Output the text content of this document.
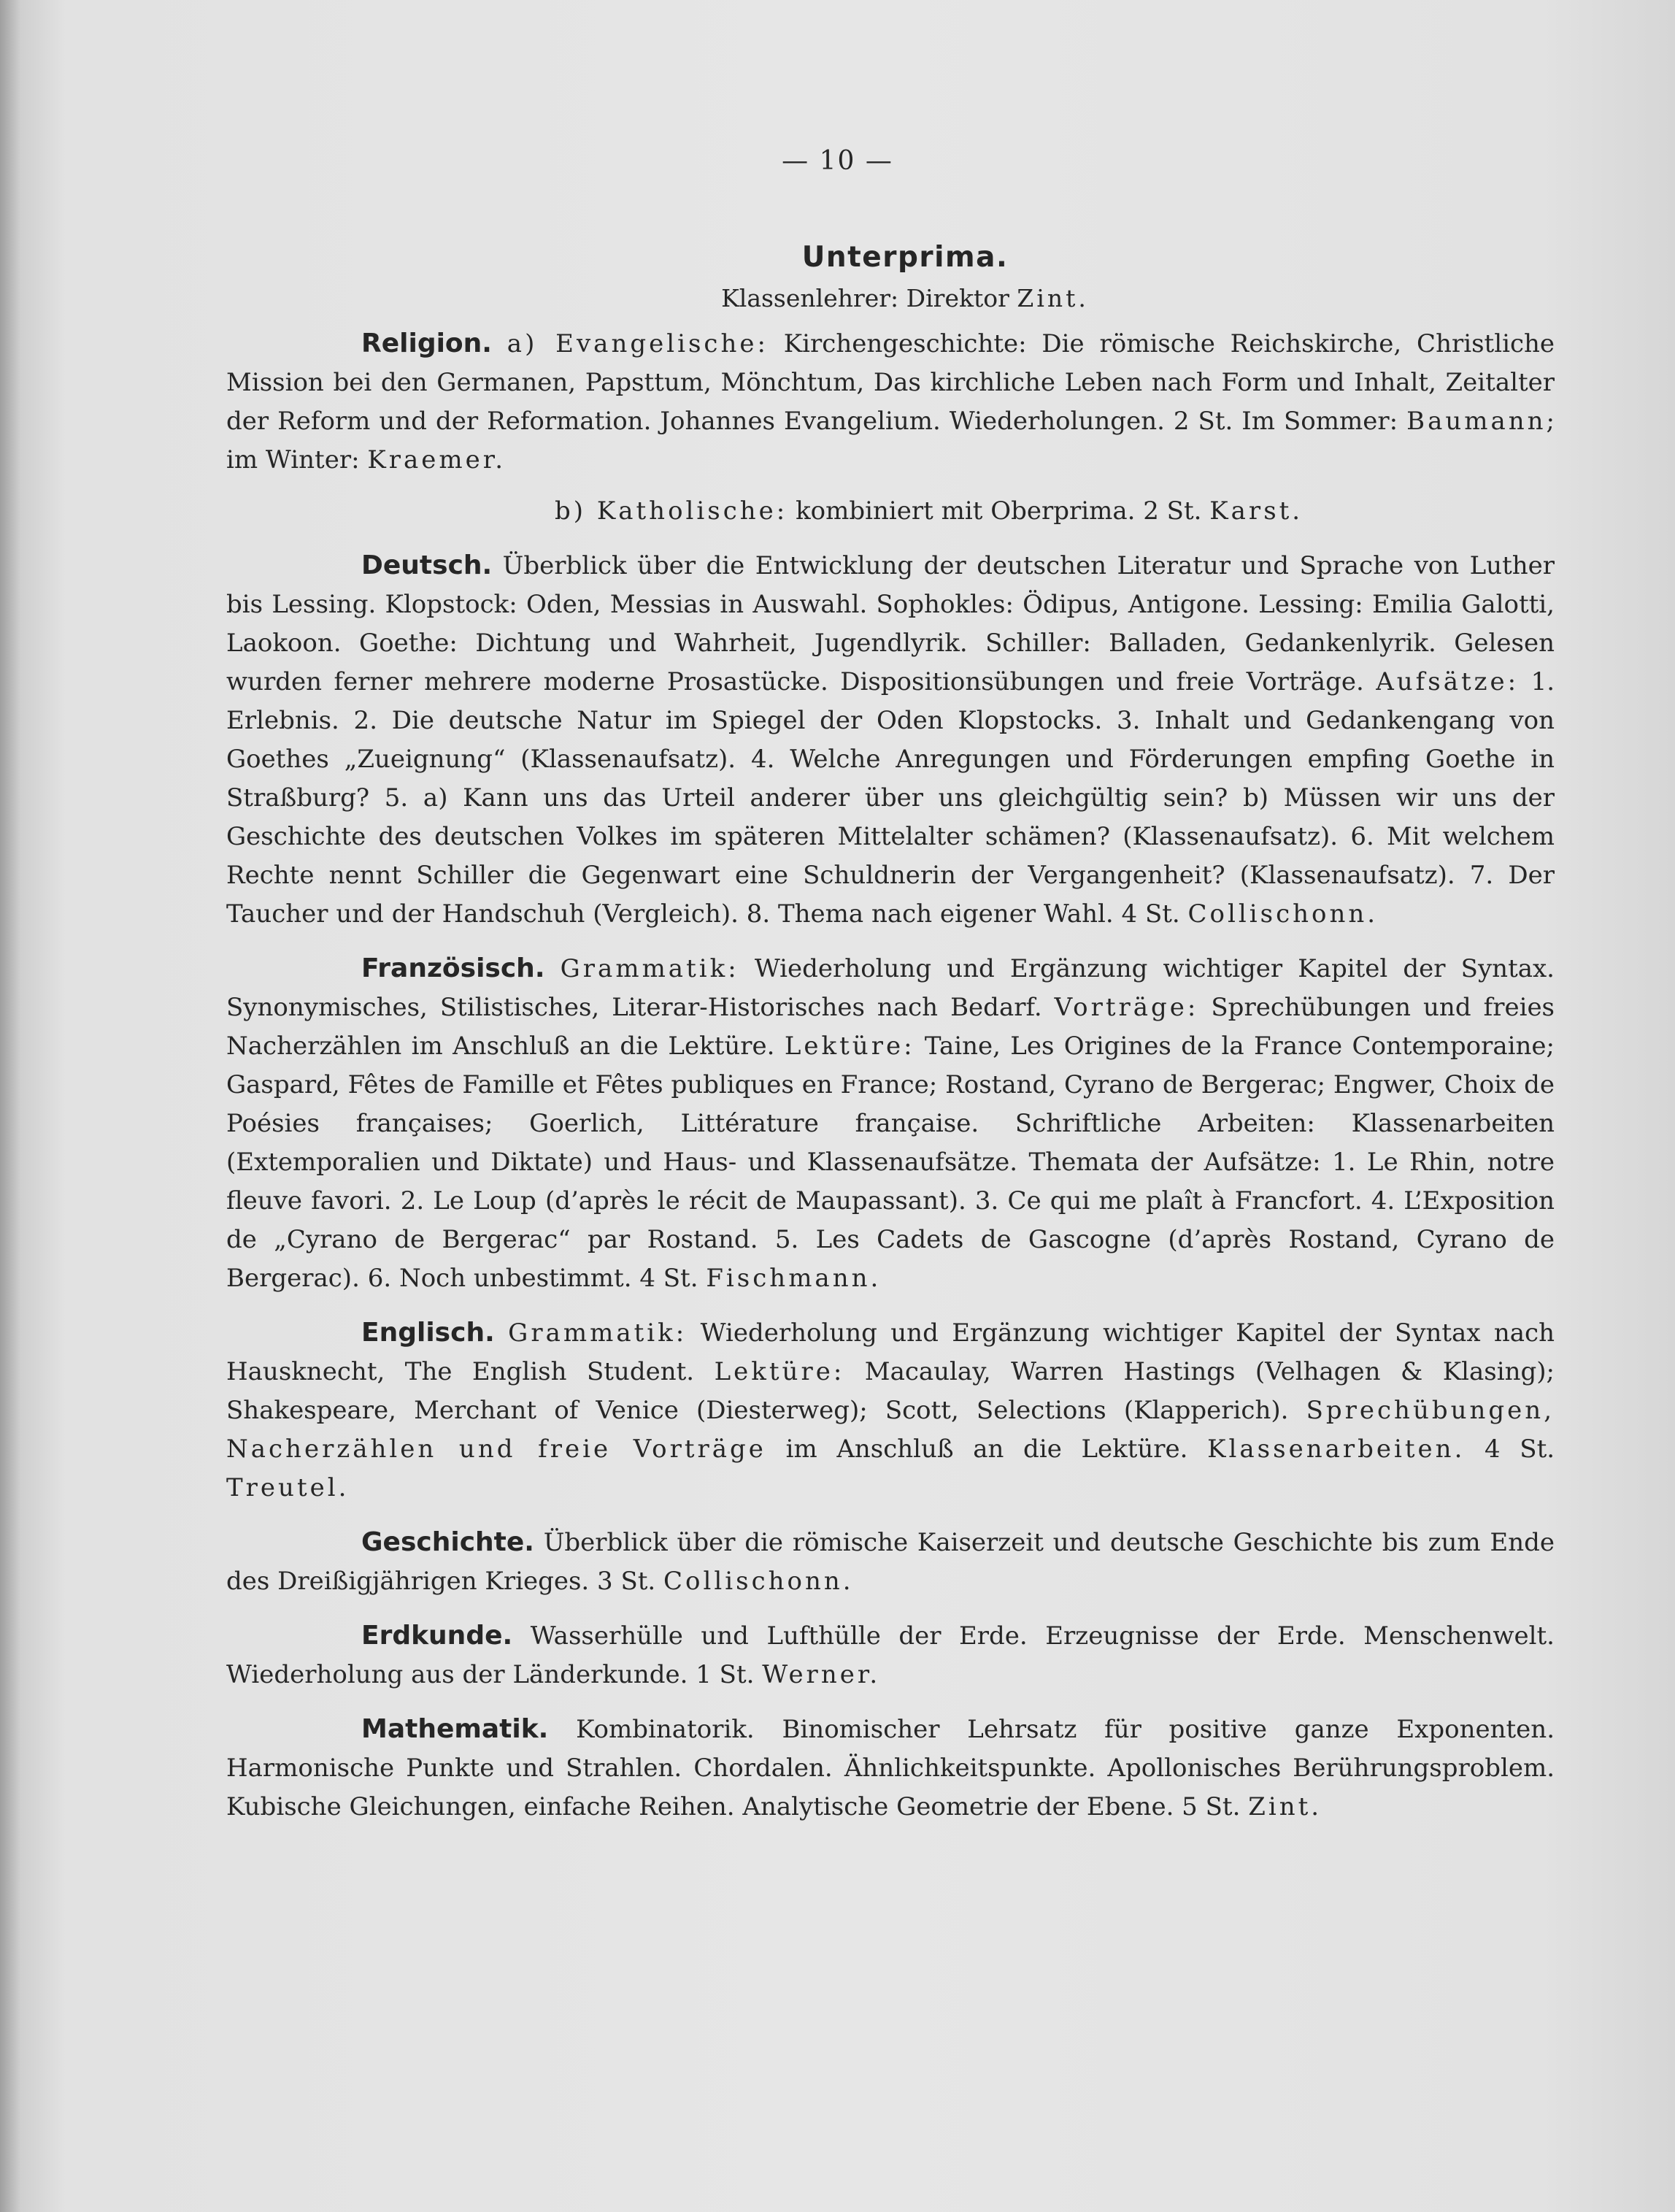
— 10 —
Unterprima.
Klassenlehrer: Direktor Zint.

Religion. a) Evangelische: Kirchengeschichte: Die römische Reichskirche, Christliche Mission bei den Germanen, Papsttum, Mönchtum, Das kirchliche Leben nach Form und Inhalt, Zeitalter der Reform und der Reformation. Johannes Evangelium. Wiederholungen. 2 St. Im Sommer: Baumann; im Winter: Kraemer.

b) Katholische: kombiniert mit Oberprima. 2 St. Karst.

Deutsch. Überblick über die Entwicklung der deutschen Literatur und Sprache von Luther bis Lessing. Klopstock: Oden, Messias in Auswahl. Sophokles: Ödipus, Antigone. Lessing: Emilia Galotti, Laokoon. Goethe: Dichtung und Wahrheit, Jugendlyrik. Schiller: Balladen, Gedankenlyrik. Gelesen wurden ferner mehrere moderne Prosastücke. Dispositionsübungen und freie Vorträge. Aufsätze: 1. Erlebnis. 2. Die deutsche Natur im Spiegel der Oden Klopstocks. 3. Inhalt und Gedankengang von Goethes „Zueignung“ (Klassenaufsatz). 4. Welche Anregungen und Förderungen empfing Goethe in Straßburg? 5. a) Kann uns das Urteil anderer über uns gleichgültig sein? b) Müssen wir uns der Geschichte des deutschen Volkes im späteren Mittelalter schämen? (Klassenaufsatz). 6. Mit welchem Rechte nennt Schiller die Gegenwart eine Schuldnerin der Vergangenheit? (Klassenaufsatz). 7. Der Taucher und der Handschuh (Vergleich). 8. Thema nach eigener Wahl. 4 St. Collischonn.

Französisch. Grammatik: Wiederholung und Ergänzung wichtiger Kapitel der Syntax. Synonymisches, Stilistisches, Literar-Historisches nach Bedarf. Vorträge: Sprechübungen und freies Nacherzählen im Anschluß an die Lektüre. Lektüre: Taine, Les Origines de la France Contemporaine; Gaspard, Fêtes de Famille et Fêtes publiques en France; Rostand, Cyrano de Bergerac; Engwer, Choix de Poésies françaises; Goerlich, Littérature française. Schriftliche Arbeiten: Klassenarbeiten (Extemporalien und Diktate) und Haus- und Klassenaufsätze. Themata der Aufsätze: 1. Le Rhin, notre fleuve favori. 2. Le Loup (d’après le récit de Maupassant). 3. Ce qui me plaît à Francfort. 4. L’Exposition de „Cyrano de Bergerac“ par Rostand. 5. Les Cadets de Gascogne (d’après Rostand, Cyrano de Bergerac). 6. Noch unbestimmt. 4 St. Fischmann.

Englisch. Grammatik: Wiederholung und Ergänzung wichtiger Kapitel der Syntax nach Hausknecht, The English Student. Lektüre: Macaulay, Warren Hastings (Velhagen & Klasing); Shakespeare, Merchant of Venice (Diesterweg); Scott, Selections (Klapperich). Sprechübungen, Nacherzählen und freie Vorträge im Anschluß an die Lektüre. Klassenarbeiten. 4 St. Treutel.

Geschichte. Überblick über die römische Kaiserzeit und deutsche Geschichte bis zum Ende des Dreißigjährigen Krieges. 3 St. Collischonn.

Erdkunde. Wasserhülle und Lufthülle der Erde. Erzeugnisse der Erde. Menschenwelt. Wiederholung aus der Länderkunde. 1 St. Werner.

Mathematik. Kombinatorik. Binomischer Lehrsatz für positive ganze Exponenten. Harmonische Punkte und Strahlen. Chordalen. Ähnlichkeitspunkte. Apollonisches Berührungsproblem. Kubische Gleichungen, einfache Reihen. Analytische Geometrie der Ebene. 5 St. Zint.
